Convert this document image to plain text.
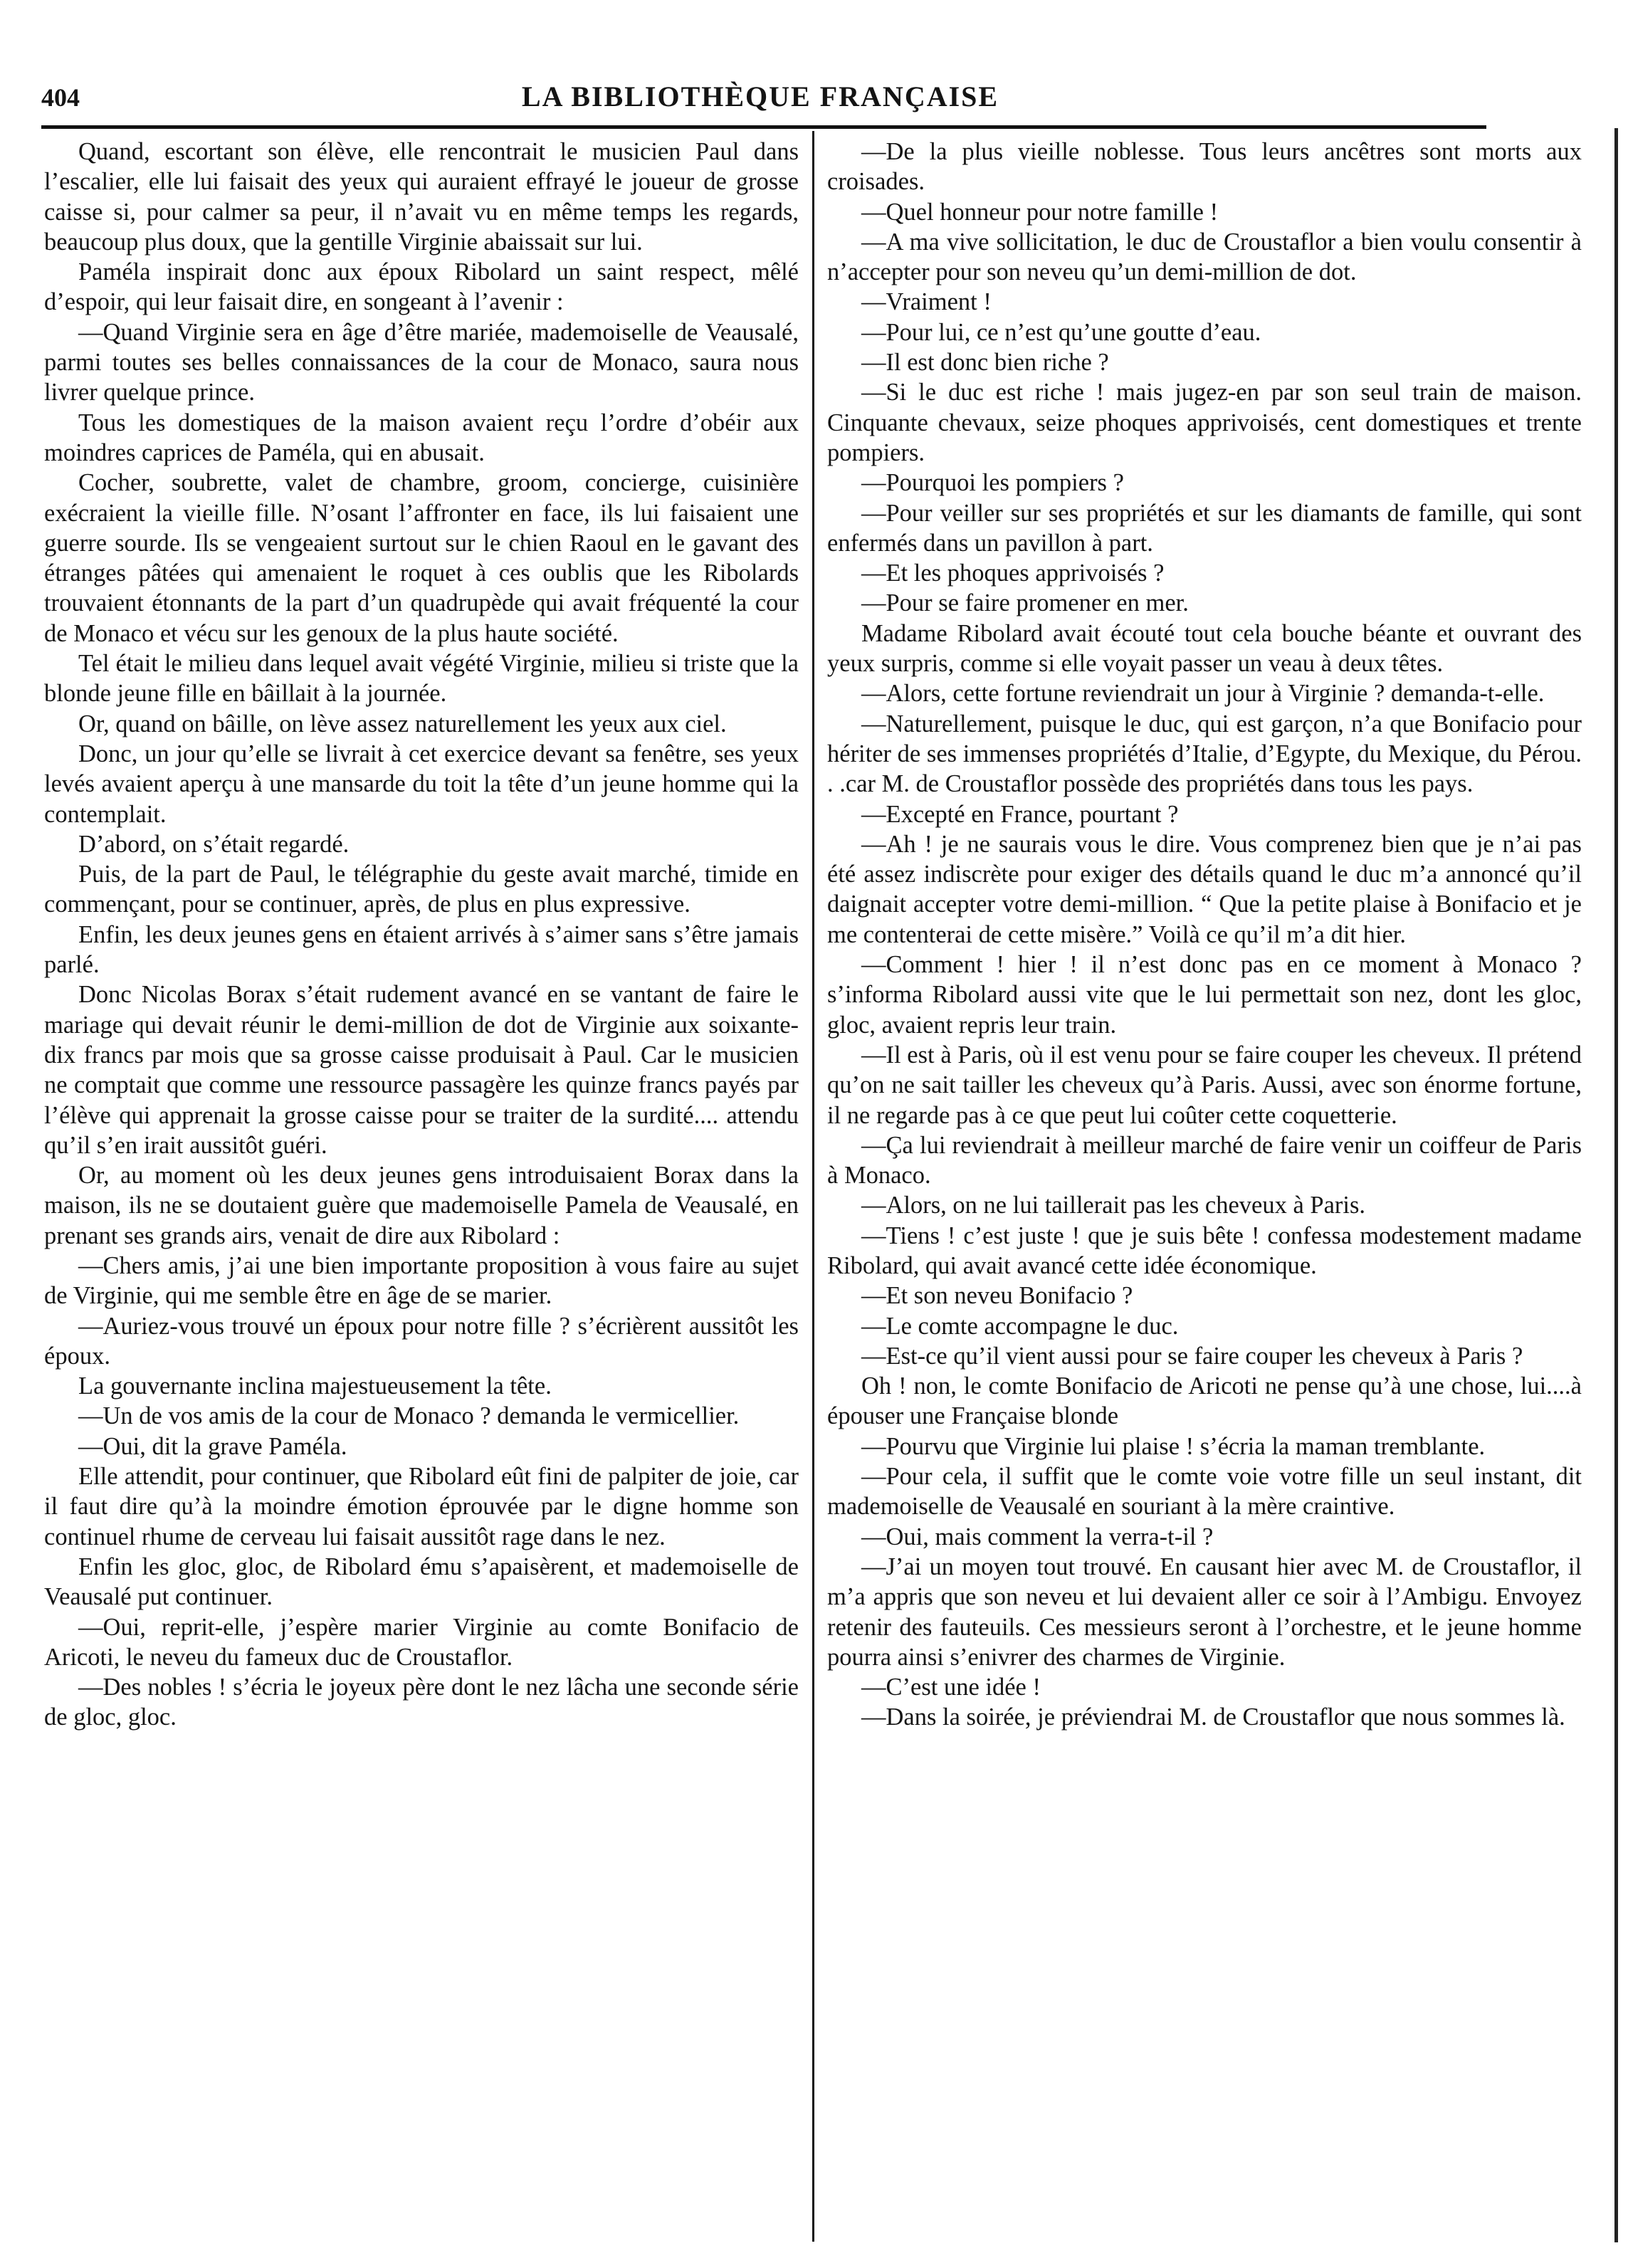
404	LA BIBLIOTHÈQUE FRANÇAISE

Quand, escortant son élève, elle rencontrait le musicien Paul dans l’escalier, elle lui faisait des yeux qui auraient effrayé le joueur de grosse caisse si, pour calmer sa peur, il n’avait vu en même temps les regards, beaucoup plus doux, que la gentille Virginie abaissait sur lui.

Paméla inspirait donc aux époux Ribolard un saint respect, mêlé d’espoir, qui leur faisait dire, en songeant à l’avenir :

—Quand Virginie sera en âge d’être mariée, mademoiselle de Veausalé, parmi toutes ses belles connaissances de la cour de Monaco, saura nous livrer quelque prince.

Tous les domestiques de la maison avaient reçu l’ordre d’obéir aux moindres caprices de Paméla, qui en abusait.

Cocher, soubrette, valet de chambre, groom, concierge, cuisinière exécraient la vieille fille. N’osant l’affronter en face, ils lui faisaient une guerre sourde. Ils se vengeaient surtout sur le chien Raoul en le gavant des étranges pâtées qui amenaient le roquet à ces oublis que les Ribolards trouvaient étonnants de la part d’un quadrupède qui avait fréquenté la cour de Monaco et vécu sur les genoux de la plus haute société.

Tel était le milieu dans lequel avait végété Virginie, milieu si triste que la blonde jeune fille en bâillait à la journée.

Or, quand on bâille, on lève assez naturellement les yeux aux ciel.

Donc, un jour qu’elle se livrait à cet exercice devant sa fenêtre, ses yeux levés avaient aperçu à une mansarde du toit la tête d’un jeune homme qui la contemplait.

D’abord, on s’était regardé.

Puis, de la part de Paul, le télégraphie du geste avait marché, timide en commençant, pour se continuer, après, de plus en plus expressive.

Enfin, les deux jeunes gens en étaient arrivés à s’aimer sans s’être jamais parlé.

Donc Nicolas Borax s’était rudement avancé en se vantant de faire le mariage qui devait réunir le demi-million de dot de Virginie aux soixante-dix francs par mois que sa grosse caisse produisait à Paul. Car le musicien ne comptait que comme une ressource passagère les quinze francs payés par l’élève qui apprenait la grosse caisse pour se traiter de la surdité.... attendu qu’il s’en irait aussitôt guéri.

Or, au moment où les deux jeunes gens introduisaient Borax dans la maison, ils ne se doutaient guère que mademoiselle Pamela de Veausalé, en prenant ses grands airs, venait de dire aux Ribolard :

—Chers amis, j’ai une bien importante proposition à vous faire au sujet de Virginie, qui me semble être en âge de se marier.

—Auriez-vous trouvé un époux pour notre fille ? s’écrièrent aussitôt les époux.

La gouvernante inclina majestueusement la tête.

—Un de vos amis de la cour de Monaco ? demanda le vermicellier.

—Oui, dit la grave Paméla.

Elle attendit, pour continuer, que Ribolard eût fini de palpiter de joie, car il faut dire qu’à la moindre émotion éprouvée par le digne homme son continuel rhume de cerveau lui faisait aussitôt rage dans le nez.

Enfin les gloc, gloc, de Ribolard ému s’apaisèrent, et mademoiselle de Veausalé put continuer.

—Oui, reprit-elle, j’espère marier Virginie au comte Bonifacio de Aricoti, le neveu du fameux duc de Croustaflor.

—Des nobles ! s’écria le joyeux père dont le nez lâcha une seconde série de gloc, gloc.

—De la plus vieille noblesse. Tous leurs ancêtres sont morts aux croisades.

—Quel honneur pour notre famille !

—A ma vive sollicitation, le duc de Croustaflor a bien voulu consentir à n’accepter pour son neveu qu’un demi-million de dot.

—Vraiment !

—Pour lui, ce n’est qu’une goutte d’eau.

—Il est donc bien riche ?

—Si le duc est riche ! mais jugez-en par son seul train de maison. Cinquante chevaux, seize phoques apprivoisés, cent domestiques et trente pompiers.

—Pourquoi les pompiers ?

—Pour veiller sur ses propriétés et sur les diamants de famille, qui sont enfermés dans un pavillon à part.

—Et les phoques apprivoisés ?

—Pour se faire promener en mer.

Madame Ribolard avait écouté tout cela bouche béante et ouvrant des yeux surpris, comme si elle voyait passer un veau à deux têtes.

—Alors, cette fortune reviendrait un jour à Virginie ? demanda-t-elle.

—Naturellement, puisque le duc, qui est garçon, n’a que Bonifacio pour hériter de ses immenses propriétés d’Italie, d’Egypte, du Mexique, du Pérou. . .car M. de Croustaflor possède des propriétés dans tous les pays.

—Excepté en France, pourtant ?

—Ah ! je ne saurais vous le dire. Vous comprenez bien que je n’ai pas été assez indiscrète pour exiger des détails quand le duc m’a annoncé qu’il daignait accepter votre demi-million. “ Que la petite plaise à Bonifacio et je me contenterai de cette misère.” Voilà ce qu’il m’a dit hier.

—Comment ! hier ! il n’est donc pas en ce moment à Monaco ? s’informa Ribolard aussi vite que le lui permettait son nez, dont les gloc, gloc, avaient repris leur train.

—Il est à Paris, où il est venu pour se faire couper les cheveux. Il prétend qu’on ne sait tailler les cheveux qu’à Paris. Aussi, avec son énorme fortune, il ne regarde pas à ce que peut lui coûter cette coquetterie.

—Ça lui reviendrait à meilleur marché de faire venir un coiffeur de Paris à Monaco.

—Alors, on ne lui taillerait pas les cheveux à Paris.

—Tiens ! c’est juste ! que je suis bête ! confessa modestement madame Ribolard, qui avait avancé cette idée économique.

—Et son neveu Bonifacio ?

—Le comte accompagne le duc.

—Est-ce qu’il vient aussi pour se faire couper les cheveux à Paris ?

Oh ! non, le comte Bonifacio de Aricoti ne pense qu’à une chose, lui....à épouser une Française blonde

—Pourvu que Virginie lui plaise ! s’écria la maman tremblante.

—Pour cela, il suffit que le comte voie votre fille un seul instant, dit mademoiselle de Veausalé en souriant à la mère craintive.

—Oui, mais comment la verra-t-il ?

—J’ai un moyen tout trouvé. En causant hier avec M. de Croustaflor, il m’a appris que son neveu et lui devaient aller ce soir à l’Ambigu. Envoyez retenir des fauteuils. Ces messieurs seront à l’orchestre, et le jeune homme pourra ainsi s’enivrer des charmes de Virginie.

—C’est une idée !

—Dans la soirée, je préviendrai M. de Croustaflor que nous sommes là.
